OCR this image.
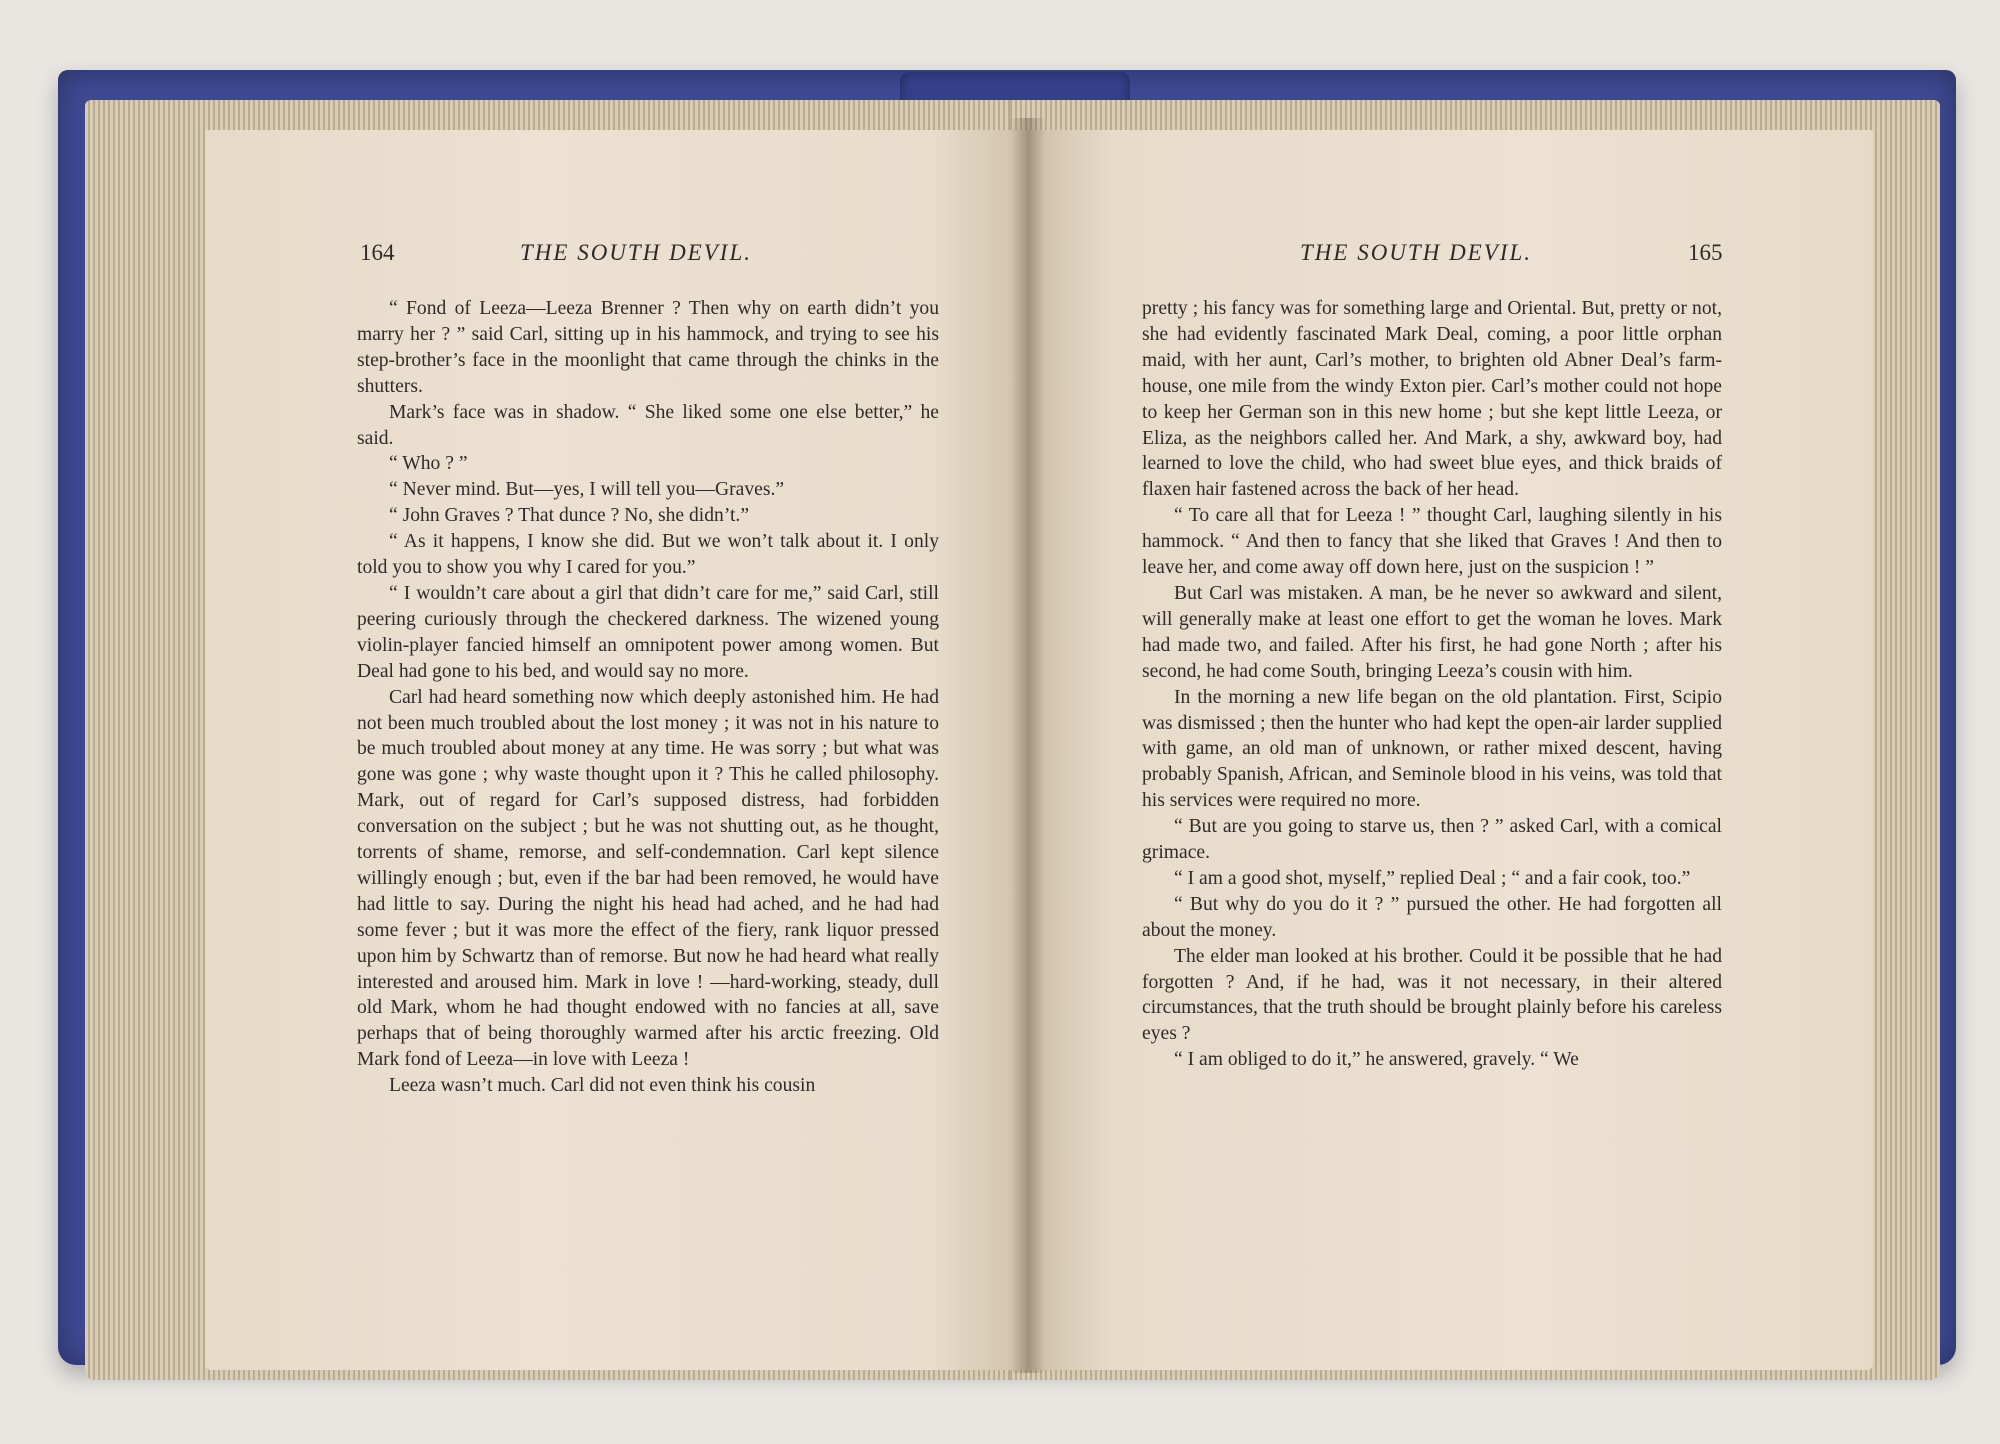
164	THE SOUTH DEVIL.	THE SOUTH DEVIL.	165

“ Fond of Leeza—Leeza Brenner ? Then why on earth didn’t you marry her ? ” said Carl, sitting up in his hammock, and trying to see his step-brother’s face in the moonlight that came through the chinks in the shutters.

Mark’s face was in shadow. “ She liked some one else better,” he said.

“ Who ? ”

“ Never mind. But—yes, I will tell you—Graves.”

“ John Graves ? That dunce ? No, she didn’t.”

“ As it happens, I know she did. But we won’t talk about it. I only told you to show you why I cared for you.”

“ I wouldn’t care about a girl that didn’t care for me,” said Carl, still peering curiously through the checkered darkness. The wizened young violin-player fancied himself an omnipotent power among women. But Deal had gone to his bed, and would say no more.

Carl had heard something now which deeply astonished him. He had not been much troubled about the lost money ; it was not in his nature to be much troubled about money at any time. He was sorry ; but what was gone was gone ; why waste thought upon it ? This he called philosophy. Mark, out of regard for Carl’s supposed distress, had forbidden conversation on the subject ; but he was not shutting out, as he thought, torrents of shame, remorse, and self-condemnation. Carl kept silence willingly enough ; but, even if the bar had been removed, he would have had little to say. During the night his head had ached, and he had had some fever ; but it was more the effect of the fiery, rank liquor pressed upon him by Schwartz than of remorse. But now he had heard what really interested and aroused him. Mark in love ! —hard-working, steady, dull old Mark, whom he had thought endowed with no fancies at all, save perhaps that of being thoroughly warmed after his arctic freezing. Old Mark fond of Leeza—in love with Leeza !

Leeza wasn’t much. Carl did not even think his cousin

pretty ; his fancy was for something large and Oriental. But, pretty or not, she had evidently fascinated Mark Deal, coming, a poor little orphan maid, with her aunt, Carl’s mother, to brighten old Abner Deal’s farm-house, one mile from the windy Exton pier. Carl’s mother could not hope to keep her German son in this new home ; but she kept little Leeza, or Eliza, as the neighbors called her. And Mark, a shy, awkward boy, had learned to love the child, who had sweet blue eyes, and thick braids of flaxen hair fastened across the back of her head.

“ To care all that for Leeza ! ” thought Carl, laughing silently in his hammock. “ And then to fancy that she liked that Graves ! And then to leave her, and come away off down here, just on the suspicion ! ”

But Carl was mistaken. A man, be he never so awkward and silent, will generally make at least one effort to get the woman he loves. Mark had made two, and failed. After his first, he had gone North ; after his second, he had come South, bringing Leeza’s cousin with him.

In the morning a new life began on the old plantation. First, Scipio was dismissed ; then the hunter who had kept the open-air larder supplied with game, an old man of unknown, or rather mixed descent, having probably Spanish, African, and Seminole blood in his veins, was told that his services were required no more.

“ But are you going to starve us, then ? ” asked Carl, with a comical grimace.

“ I am a good shot, myself,” replied Deal ; “ and a fair cook, too.”

“ But why do you do it ? ” pursued the other. He had forgotten all about the money.

The elder man looked at his brother. Could it be possible that he had forgotten ? And, if he had, was it not necessary, in their altered circumstances, that the truth should be brought plainly before his careless eyes ?

“ I am obliged to do it,” he answered, gravely. “ We
